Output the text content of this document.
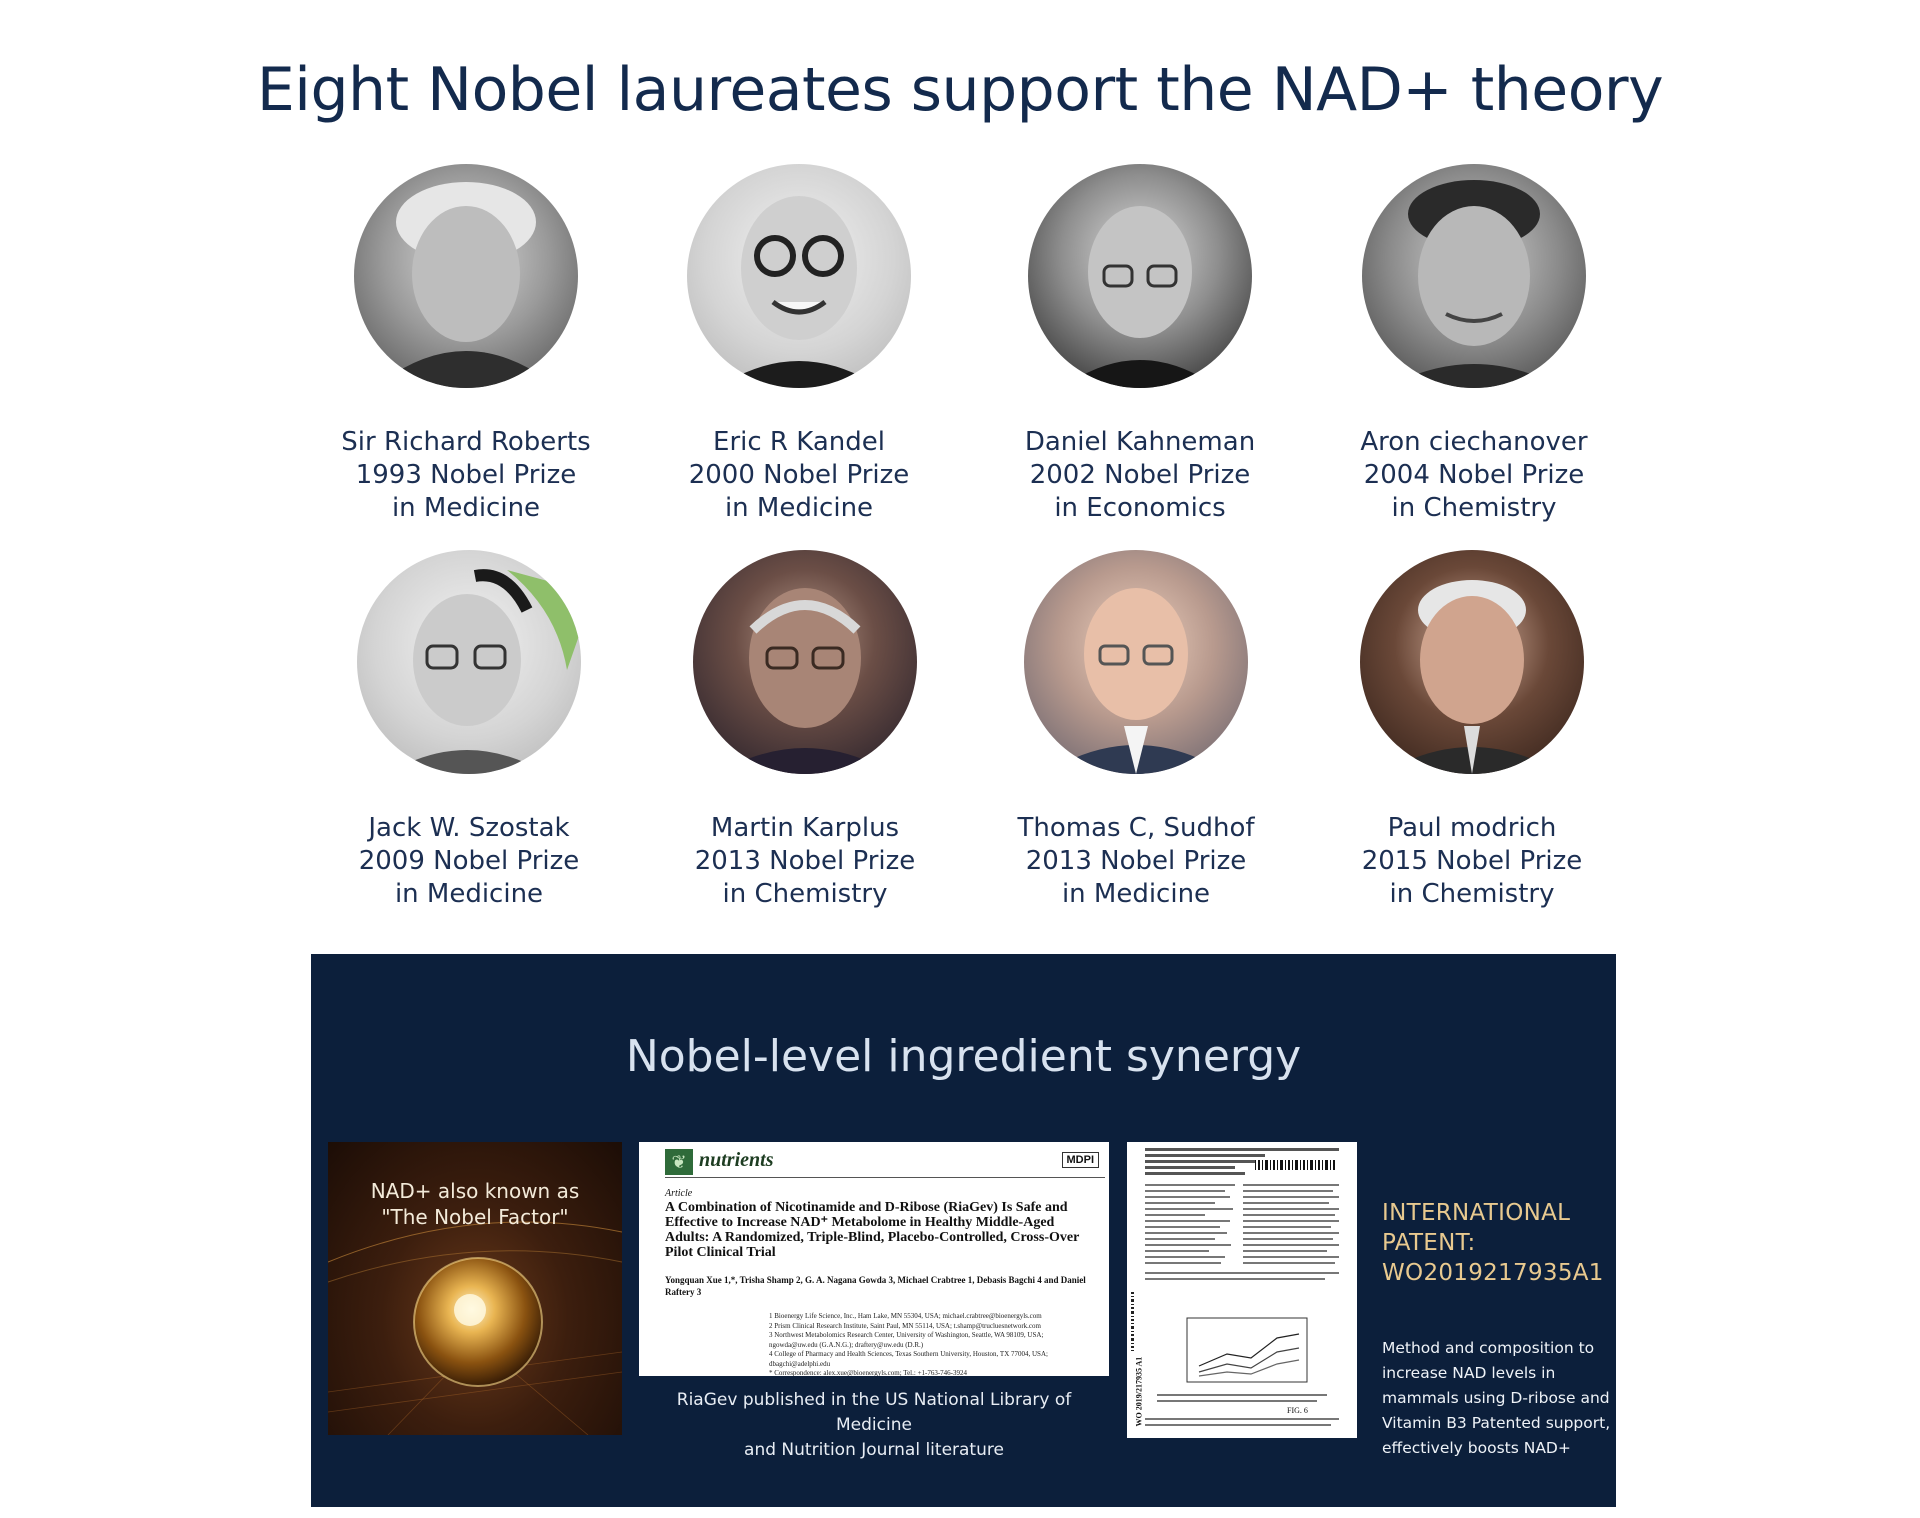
Eight Nobel laureates support the NAD+ theory
Sir Richard Roberts
1993 Nobel Prize
in Medicine
Eric R Kandel
2000 Nobel Prize
in Medicine
Daniel Kahneman
2002 Nobel Prize
in Economics
Aron ciechanover
2004 Nobel Prize
in Chemistry
Jack W. Szostak
2009 Nobel Prize
in Medicine
Martin Karplus
2013 Nobel Prize
in Chemistry
Thomas C, Sudhof
2013 Nobel Prize
in Medicine
Paul modrich
2015 Nobel Prize
in Chemistry
Nobel-level ingredient synergy
NAD+ also known as
"The Nobel Factor"
❦ nutrients	MDPI
Article
A Combination of Nicotinamide and D-Ribose (RiaGev) Is Safe and Effective to Increase NAD⁺ Metabolome in Healthy Middle-Aged Adults: A Randomized, Triple-Blind, Placebo-Controlled, Cross-Over Pilot Clinical Trial
Yongquan Xue 1,*, Trisha Shamp 2, G. A. Nagana Gowda 3, Michael Crabtree 1, Debasis Bagchi 4 and Daniel Raftery 3
1 Bioenergy Life Science, Inc., Ham Lake, MN 55304, USA; michael.crabtree@bioenergyls.com
2 Prism Clinical Research Institute, Saint Paul, MN 55114, USA; t.shamp@trucluesnetwork.com
3 Northwest Metabolomics Research Center, University of Washington, Seattle, WA 98109, USA;
ngowda@uw.edu (G.A.N.G.); draftery@uw.edu (D.R.)
4 College of Pharmacy and Health Sciences, Texas Southern University, Houston, TX 77004, USA;
dbagchi@adelphi.edu
* Correspondence: alex.xue@bioenergyls.com; Tel.: +1-763-746-3924
RiaGev published in the US National Library of Medicine
and Nutrition Journal literature
WO 2019/217935 A1	FIG. 6
INTERNATIONAL
PATENT:
WO2019217935A1
Method and composition to
increase NAD levels in
mammals using D-ribose and
Vitamin B3 Patented support,
effectively boosts NAD+
